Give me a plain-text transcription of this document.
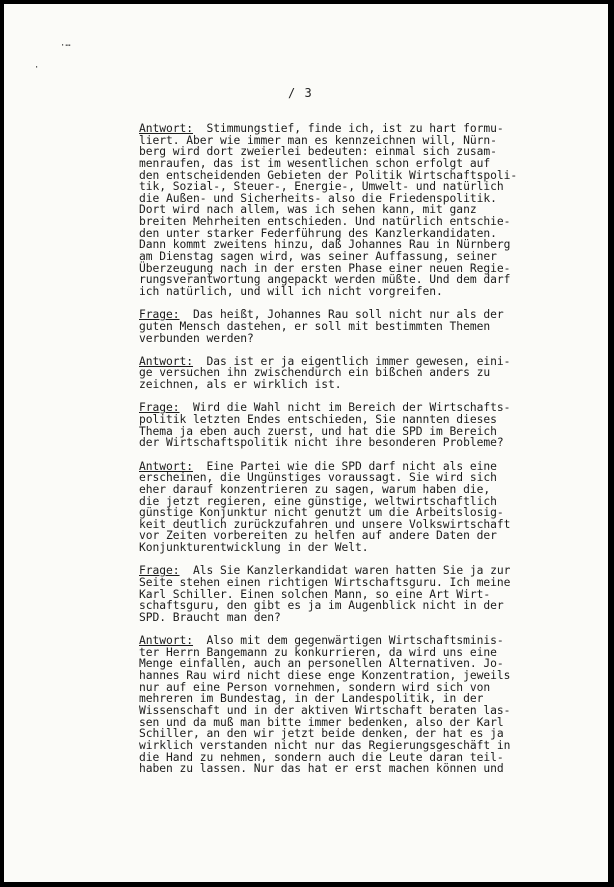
⋅⋯
⋅
/ 3
Antwort:  Stimmungstief, finde ich, ist zu hart formu-
liert. Aber wie immer man es kennzeichnen will, Nürn-
berg wird dort zweierlei bedeuten: einmal sich zusam-
menraufen, das ist im wesentlichen schon erfolgt auf
den entscheidenden Gebieten der Politik Wirtschaftspoli-
tik, Sozial-, Steuer-, Energie-, Umwelt- und natürlich
die Außen- und Sicherheits- also die Friedenspolitik.
Dort wird nach allem, was ich sehen kann, mit ganz
breiten Mehrheiten entschieden. Und natürlich entschie-
den unter starker Federführung des Kanzlerkandidaten.
Dann kommt zweitens hinzu, daß Johannes Rau in Nürnberg
am Dienstag sagen wird, was seiner Auffassung, seiner
Überzeugung nach in der ersten Phase einer neuen Regie-
rungsverantwortung angepackt werden müßte. Und dem darf
ich natürlich, und will ich nicht vorgreifen.
Frage:  Das heißt, Johannes Rau soll nicht nur als der
guten Mensch dastehen, er soll mit bestimmten Themen
verbunden werden?
Antwort:  Das ist er ja eigentlich immer gewesen, eini-
ge versuchen ihn zwischendurch ein bißchen anders zu
zeichnen, als er wirklich ist.
Frage:  Wird die Wahl nicht im Bereich der Wirtschafts-
politik letzten Endes entschieden, Sie nannten dieses
Thema ja eben auch zuerst, und hat die SPD im Bereich
der Wirtschaftspolitik nicht ihre besonderen Probleme?
Antwort:  Eine Partei wie die SPD darf nicht als eine
erscheinen, die Ungünstiges voraussagt. Sie wird sich
eher darauf konzentrieren zu sagen, warum haben die,
die jetzt regieren, eine günstige, weltwirtschaftlich
günstige Konjunktur nicht genutzt um die Arbeitslosig-
keit deutlich zurückzufahren und unsere Volkswirtschaft
vor Zeiten vorbereiten zu helfen auf andere Daten der
Konjunkturentwicklung in der Welt.
Frage:  Als Sie Kanzlerkandidat waren hatten Sie ja zur
Seite stehen einen richtigen Wirtschaftsguru. Ich meine
Karl Schiller. Einen solchen Mann, so eine Art Wirt-
schaftsguru, den gibt es ja im Augenblick nicht in der
SPD. Braucht man den?
Antwort:  Also mit dem gegenwärtigen Wirtschaftsminis-
ter Herrn Bangemann zu konkurrieren, da wird uns eine
Menge einfallen, auch an personellen Alternativen. Jo-
hannes Rau wird nicht diese enge Konzentration, jeweils
nur auf eine Person vornehmen, sondern wird sich von
mehreren im Bundestag, in der Landespolitik, in der
Wissenschaft und in der aktiven Wirtschaft beraten las-
sen und da muß man bitte immer bedenken, also der Karl
Schiller, an den wir jetzt beide denken, der hat es ja
wirklich verstanden nicht nur das Regierungsgeschäft in
die Hand zu nehmen, sondern auch die Leute daran teil-
haben zu lassen. Nur das hat er erst machen können und
